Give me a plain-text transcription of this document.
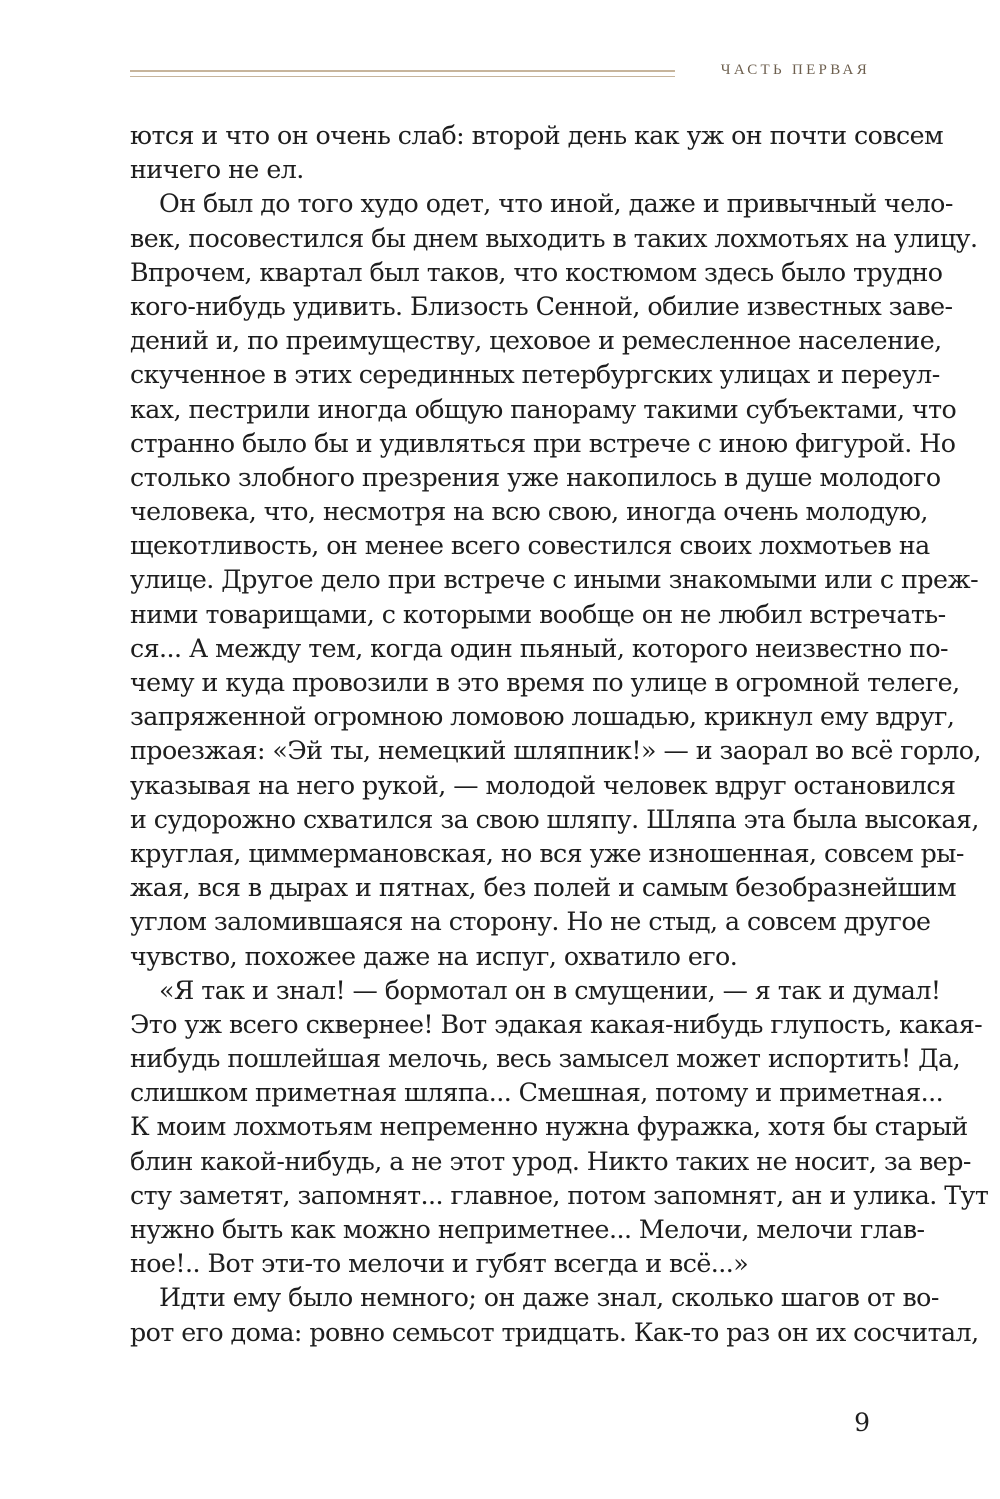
ЧАСТЬ ПЕРВАЯ
ются и что он очень слаб: второй день как уж он почти совсем
ничего не ел.
Он был до того худо одет, что иной, даже и привычный чело-
век, посовестился бы днем выходить в таких лохмотьях на улицу.
Впрочем, квартал был таков, что костюмом здесь было трудно
кого-нибудь удивить. Близость Сенной, обилие известных заве-
дений и, по преимуществу, цеховое и ремесленное население,
скученное в этих серединных петербургских улицах и переул-
ках, пестрили иногда общую панораму такими субъектами, что
странно было бы и удивляться при встрече с иною фигурой. Но
столько злобного презрения уже накопилось в душе молодого
человека, что, несмотря на всю свою, иногда очень молодую,
щекотливость, он менее всего совестился своих лохмотьев на
улице. Другое дело при встрече с иными знакомыми или с преж-
ними товарищами, с которыми вообще он не любил встречать-
ся... А между тем, когда один пьяный, которого неизвестно по-
чему и куда провозили в это время по улице в огромной телеге,
запряженной огромною ломовою лошадью, крикнул ему вдруг,
проезжая: «Эй ты, немецкий шляпник!» — и заорал во всё горло,
указывая на него рукой, — молодой человек вдруг остановился
и судорожно схватился за свою шляпу. Шляпа эта была высокая,
круглая, циммермановская, но вся уже изношенная, совсем ры-
жая, вся в дырах и пятнах, без полей и самым безобразнейшим
углом заломившаяся на сторону. Но не стыд, а совсем другое
чувство, похожее даже на испуг, охватило его.
«Я так и знал! — бормотал он в смущении, — я так и думал!
Это уж всего сквернее! Вот эдакая какая-нибудь глупость, какая-
нибудь пошлейшая мелочь, весь замысел может испортить! Да,
слишком приметная шляпа... Смешная, потому и приметная...
К моим лохмотьям непременно нужна фуражка, хотя бы старый
блин какой-нибудь, а не этот урод. Никто таких не носит, за вер-
сту заметят, запомнят... главное, потом запомнят, ан и улика. Тут
нужно быть как можно неприметнее... Мелочи, мелочи глав-
ное!.. Вот эти-то мелочи и губят всегда и всё...»
Идти ему было немного; он даже знал, сколько шагов от во-
рот его дома: ровно семьсот тридцать. Как-то раз он их сосчитал,
9
